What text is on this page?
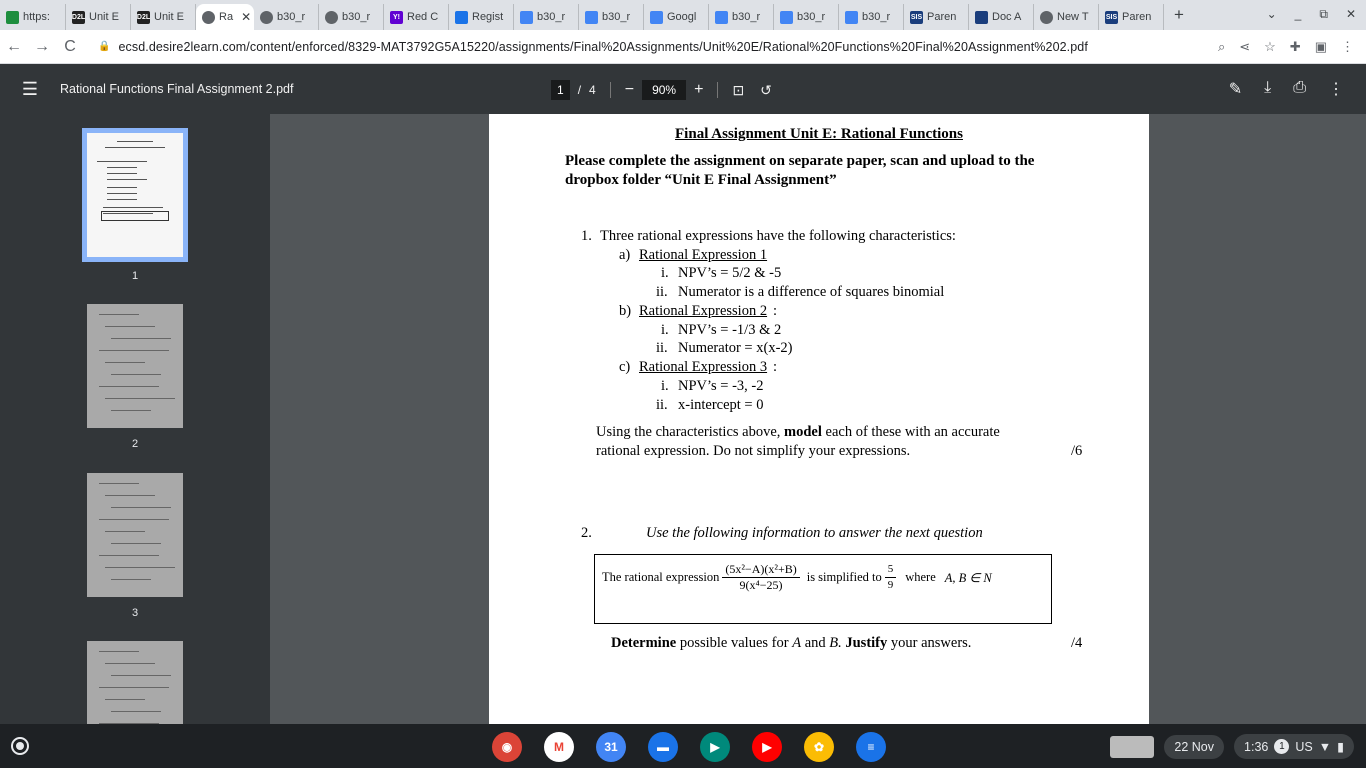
https:	D2L Unit E	D2L Unit E	Ra ✕ b30_r	b30_r	Y! Red C	Regist	b30_r	b30_r	Googl	b30_r	b30_r	b30_r	SIS Paren	Doc A	New T SIS Paren +	⌄ _ ⧉ ✕
← → C	🔒 ecsd.desire2learn.com/content/enforced/8329-MAT3792G5A15220/assignments/Final%20Assignments/Unit%20E/Rational%20Functions%20Final%20Assignment%202.pdf	⌕ ⋖ ☆ ✚ ▣ ⋮
☰	Rational Functions Final Assignment 2.pdf	1	/ 4 −	90%	+ ⊡ ↺	✎ ⤓ ⎙ ⋮
1
2
3
Final Assignment Unit E: Rational Functions
Please complete the assignment on separate paper, scan and upload to the dropbox folder “Unit E Final Assignment”
1. Three rational expressions have the following characteristics:
a) Rational Expression 1
i. NPV’s = 5/2 & -5
ii. Numerator is a difference of squares binomial
b) Rational Expression 2 :
i. NPV’s = -1/3 & 2
ii. Numerator = x(x-2)
c) Rational Expression 3 :
i. NPV’s = -3, -2
ii. x-intercept = 0
Using the characteristics above, model each of these with an accurate
rational expression. Do not simplify your expressions.	/6
2.	Use the following information to answer the next question
The rational expression $\frac{\text{(5x²−A)(x²+B)}}{\text{9(x⁴−25)}}$ is simplified to $\frac{5}{9}$ where A, B ∈ N
Determine possible values for A and B. Justify your answers.	/4
◉	M	31	▬	▶	▶	✿	≡	22 Nov	1:36	1 US ▼ ▮
